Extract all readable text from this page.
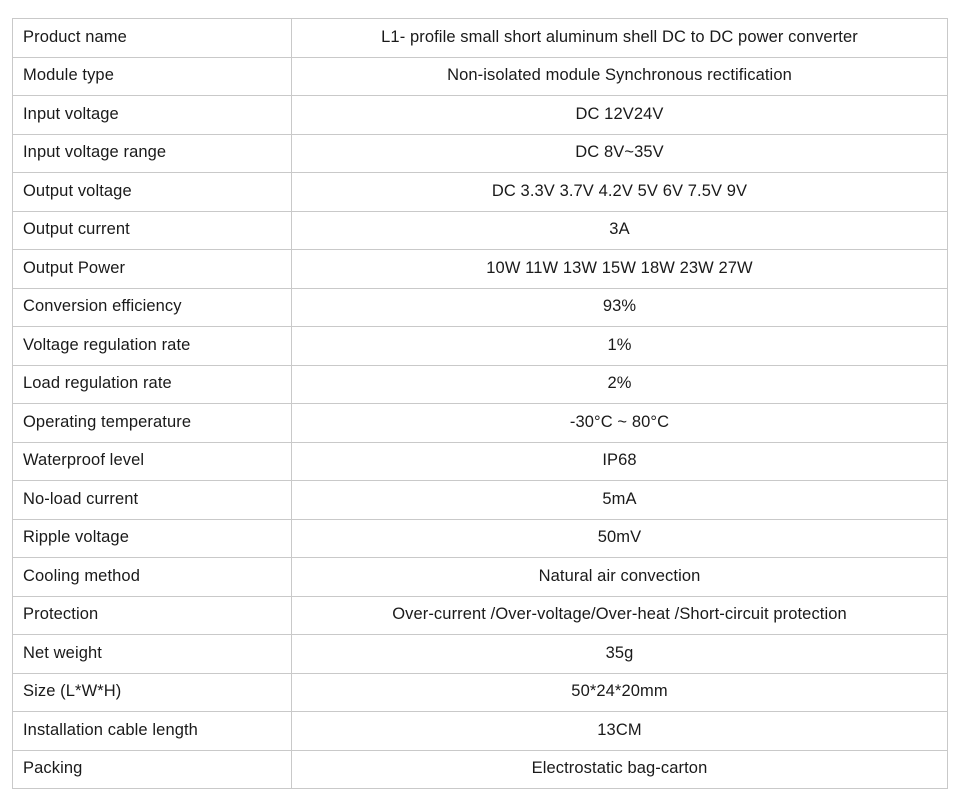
Product name	L1- profile small short aluminum shell DC to DC power converter
Module type	Non-isolated module Synchronous rectification
Input voltage	DC 12V24V
Input voltage range	DC 8V~35V
Output voltage	DC 3.3V 3.7V 4.2V 5V 6V 7.5V 9V
Output current	3A
Output Power	10W 11W 13W 15W 18W 23W 27W
Conversion efficiency	93%
Voltage regulation rate	1%
Load regulation rate	2%
Operating temperature	-30°C ~ 80°C
Waterproof level	IP68
No-load current	5mA
Ripple voltage	50mV
Cooling method	Natural air convection
Protection	Over-current /Over-voltage/Over-heat /Short-circuit protection
Net weight	35g
Size (L*W*H)	50*24*20mm
Installation cable length	13CM
Packing	Electrostatic bag-carton
